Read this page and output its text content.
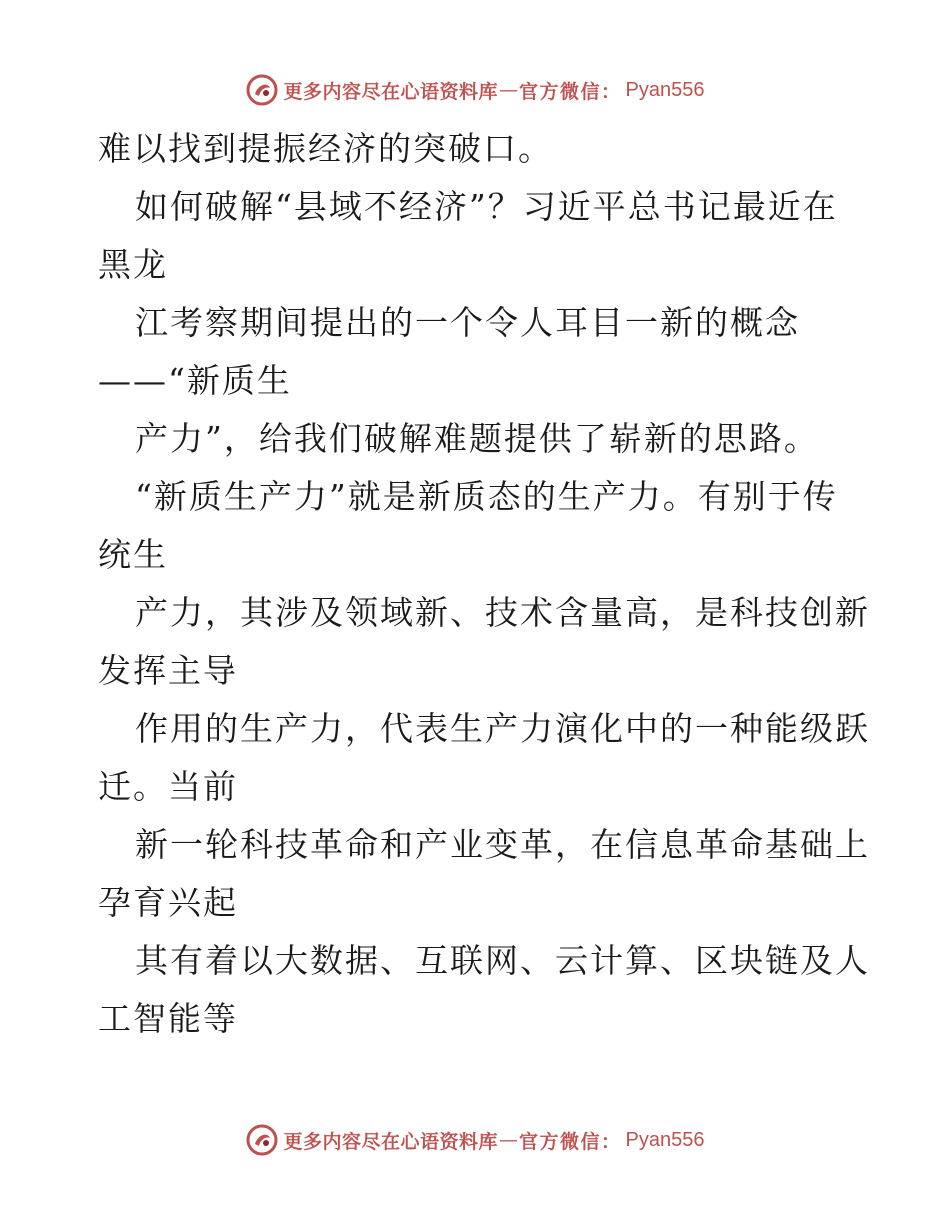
更多内容尽在心语资料库 — 官方微信： Pyan556
难以找到提振经济的突破口。
如何破解“县域不经济”？习近平总书记最近在
黑龙
江考察期间提出的一个令人耳目一新的概念
——“新质生
产力”，给我们破解难题提供了崭新的思路。
“新质生产力”就是新质态的生产力。有别于传
统生
产力，其涉及领域新、技术含量高，是科技创新
发挥主导
作用的生产力，代表生产力演化中的一种能级跃
迁。当前
新一轮科技革命和产业变革，在信息革命基础上
孕育兴起
其有着以大数据、互联网、云计算、区块链及人
工智能等
更多内容尽在心语资料库 — 官方微信： Pyan556
